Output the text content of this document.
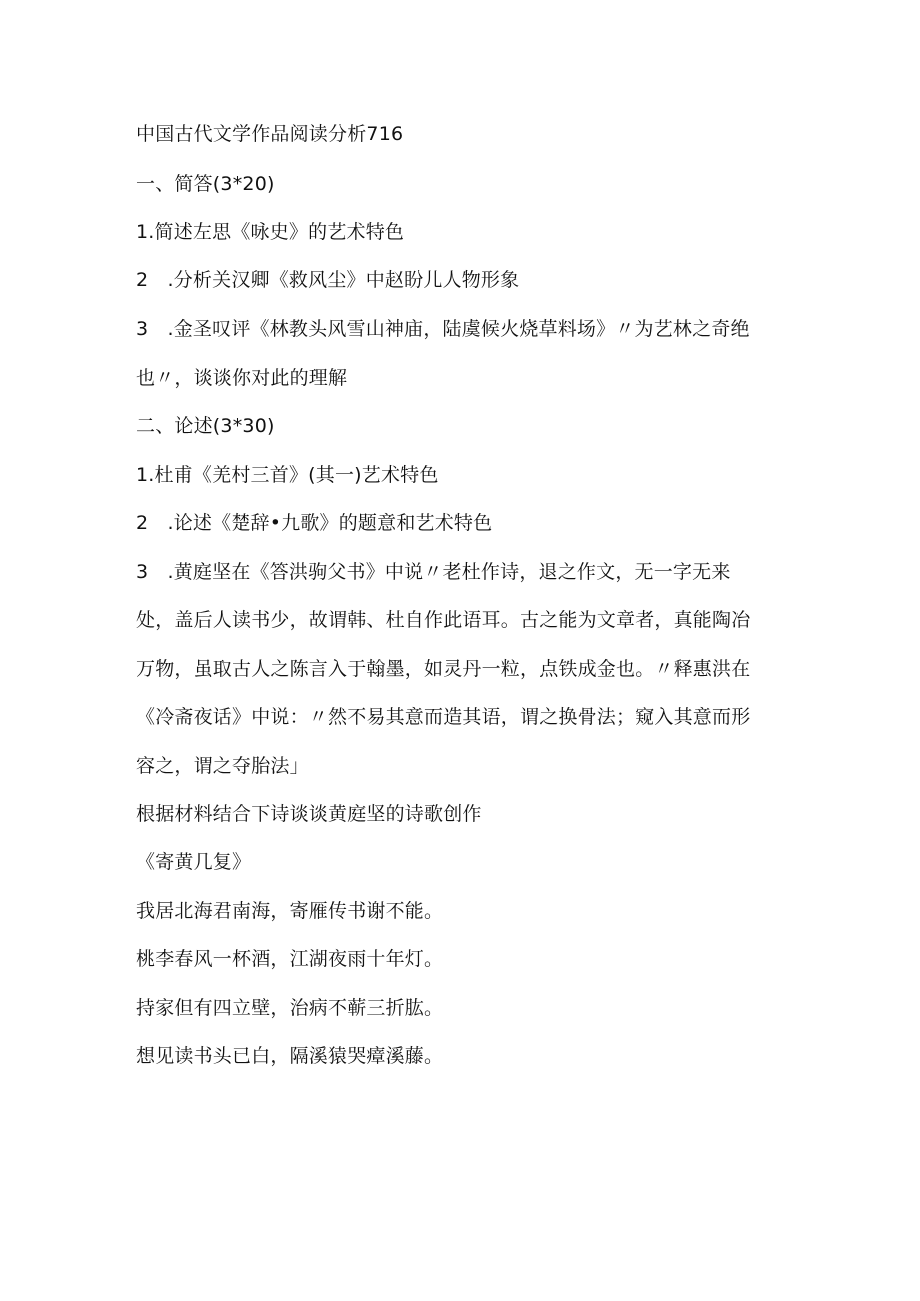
中国古代文学作品阅读分析716
一、简答(3*20)
1.简述左思《咏史》的艺术特色
2　.分析关汉卿《救风尘》中赵盼儿人物形象
3　.金圣叹评《林教头风雪山神庙，陆虞候火烧草料场》〃为艺林之奇绝
也〃，谈谈你对此的理解
二、论述(3*30)
1.杜甫《羌村三首》(其一)艺术特色
2　.论述《楚辞•九歌》的题意和艺术特色
3　.黄庭坚在《答洪驹父书》中说〃老杜作诗，退之作文，无一字无来
处，盖后人读书少，故谓韩、杜自作此语耳。古之能为文章者，真能陶冶
万物，虽取古人之陈言入于翰墨，如灵丹一粒，点铁成金也。〃释惠洪在
《冷斋夜话》中说：〃然不易其意而造其语，谓之换骨法；窥入其意而形
容之，谓之夺胎法」
根据材料结合下诗谈谈黄庭坚的诗歌创作
《寄黄几复》
我居北海君南海，寄雁传书谢不能。
桃李春风一杯酒，江湖夜雨十年灯。
持家但有四立壁，治病不蕲三折肱。
想见读书头已白，隔溪猿哭瘴溪藤。
